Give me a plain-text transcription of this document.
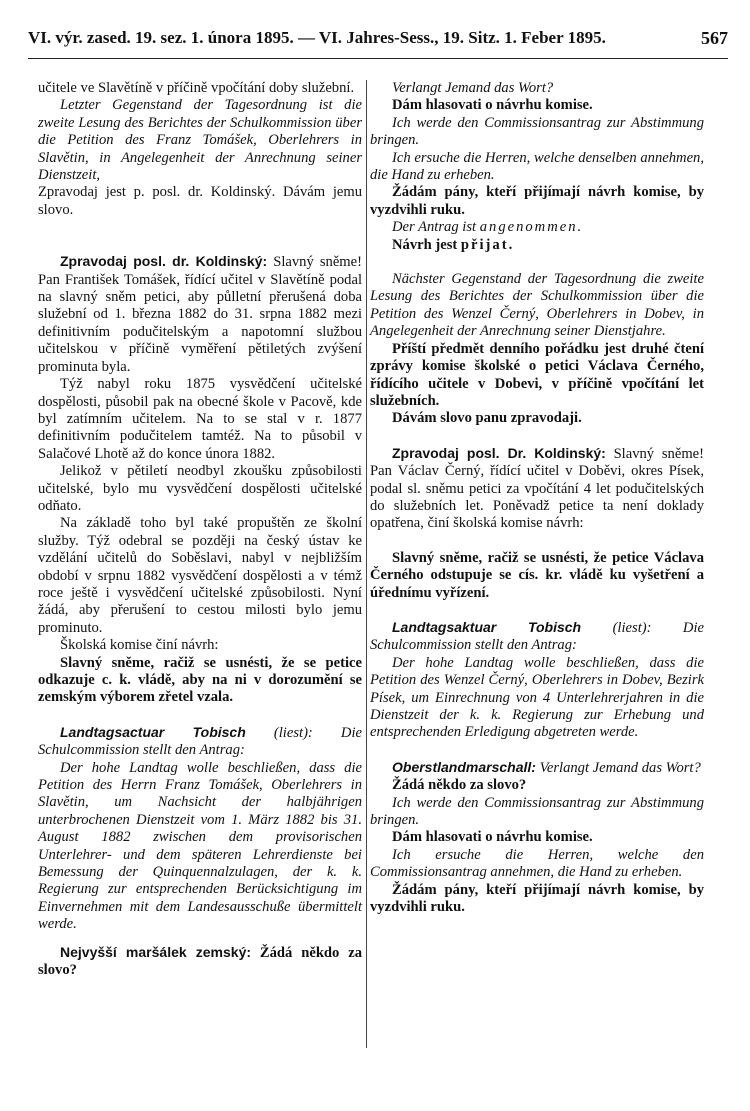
VI. výr. zased. 19. sez. 1. února 1895. — VI. Jahres-Sess., 19. Sitz. 1. Feber 1895.	567

učitele ve Slavětíně v příčině vpočítání doby služební.

Letzter Gegenstand der Tagesordnung ist die zweite Lesung des Berichtes der Schulkommission über die Petition des Franz Tomášek, Oberlehrers in Slavětin, in Angelegenheit der Anrechnung seiner Dienstzeit,

Zpravodaj jest p. posl. dr. Koldinský. Dávám jemu slovo.

Zpravodaj posl. dr. Koldinský: Slavný sněme! Pan František Tomášek, řídící učitel v Slavětíně podal na slavný sněm petici, aby půlletní přerušená doba služební od 1. března 1882 do 31. srpna 1882 mezi definitivním podučitelským a napotomní službou učitelskou v příčině vyměření pětiletých zvýšení prominuta byla.

Týž nabyl roku 1875 vysvědčení učitelské dospělosti, působil pak na obecné škole v Pacově, kde byl zatímním učitelem. Na to se stal v r. 1877 definitivním podučitelem tamtéž. Na to působil v Salačové Lhotě až do konce února 1882.

Jelikož v pětiletí neodbyl zkoušku způsobilosti učitelské, bylo mu vysvědčení dospělosti učitelské odňato.

Na základě toho byl také propuštěn ze školní služby. Týž odebral se později na český ústav ke vzdělání učitelů do Soběslavi, nabyl v nejbližším období v srpnu 1882 vysvědčení dospělosti a v témž roce ještě i vysvědčení učitelské způsobilosti. Nyní žádá, aby přerušení to cestou milosti bylo jemu prominuto.

Školská komise činí návrh:

Slavný sněme, račiž se usnésti, že se petice odkazuje c. k. vládě, aby na ni v dorozumění se zemským výborem zřetel vzala.

Landtagsactuar Tobisch (liest): Die Schulcommission stellt den Antrag:

Der hohe Landtag wolle beschließen, dass die Petition des Herrn Franz Tomášek, Oberlehrers in Slavětin, um Nachsicht der halbjährigen unterbrochenen Dienstzeit vom 1. März 1882 bis 31. August 1882 zwischen dem provisorischen Unterlehrer- und dem späteren Lehrerdienste bei Bemessung der Quinquennalzulagen, der k. k. Regierung zur entsprechenden Berücksichtigung im Einvernehmen mit dem Landesausschuße übermittelt werde.

Nejvyšší maršálek zemský: Žádá někdo za slovo?

Verlangt Jemand das Wort?

Dám hlasovati o návrhu komise.

Ich werde den Commissionsantrag zur Abstimmung bringen.

Ich ersuche die Herren, welche denselben annehmen, die Hand zu erheben.

Žádám pány, kteří přijímají návrh komise, by vyzdvihli ruku.

Der Antrag ist angenommen.

Návrh jest přijat.

Nächster Gegenstand der Tagesordnung die zweite Lesung des Berichtes der Schulkommission über die Petition des Wenzel Černý, Oberlehrers in Dobev, in Angelegenheit der Anrechnung seiner Dienstjahre.

Příští předmět denního pořádku jest druhé čtení zprávy komise školské o petici Václava Černého, řídícího učitele v Dobevi, v příčině vpočítání let služebních.

Dávám slovo panu zpravodaji.

Zpravodaj posl. Dr. Koldinský: Slavný sněme! Pan Václav Černý, řídící učitel v Doběvi, okres Písek, podal sl. sněmu petici za vpočítání 4 let podučitelských do služebních let. Poněvadž petice ta není doklady opatřena, činí školská komise návrh:

Slavný sněme, račiž se usnésti, že petice Václava Černého odstupuje se cís. kr. vládě ku vyšetření a úřednímu vyřízení.

Landtagsaktuar Tobisch (liest): Die Schulcommission stellt den Antrag:

Der hohe Landtag wolle beschließen, dass die Petition des Wenzel Černý, Oberlehrers in Dobev, Bezirk Písek, um Einrechnung von 4 Unterlehrerjahren in die Dienstzeit der k. k. Regierung zur Erhebung und entsprechenden Erledigung abgetreten werde.

Oberstlandmarschall: Verlangt Jemand das Wort?

Žádá někdo za slovo?

Ich werde den Commissionsantrag zur Abstimmung bringen.

Dám hlasovati o návrhu komise.

Ich ersuche die Herren, welche den Commissionsantrag annehmen, die Hand zu erheben.

Žádám pány, kteří přijímají návrh komise, by vyzdvihli ruku.
